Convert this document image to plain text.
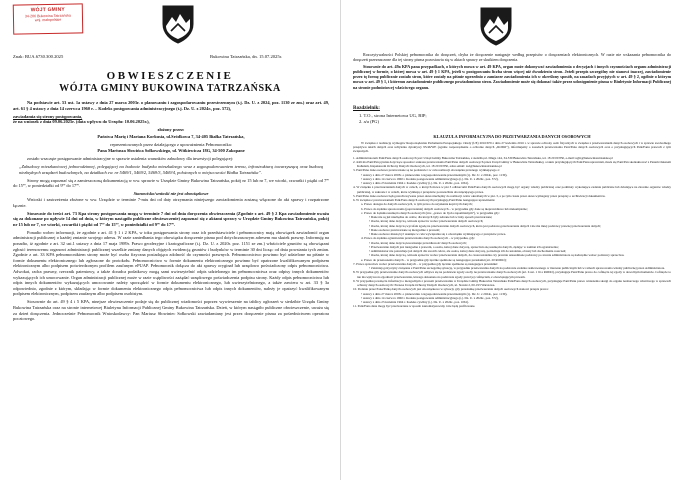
WÓJT GMINY
34-206 Bukowina Tatrzańska
woj. małopolskie
Znak: BUA.6730.300.2025	Bukowina Tatrzańska, dn. 15.07.2025r.
OBWIESZCZENIE
WÓJTA GMINY BUKOWINA TATRZAŃSKA

Na podstawie art. 53 ust. 1a ustawy z dnia 27 marca 2003r. o planowaniu i zagospodarowaniu przestrzennym (t.j. Dz. U. z 2024, poz. 1130 ze zm.) oraz art. 49, art. 61 § 4 ustawy z dnia 14 czerwca 1960 r. – Kodeks postępowania administracyjnego (t.j. Dz. U. z 2024r., poz. 572),

zawiadamia się strony postępowania,

że na wniosek z dnia 09.06.2025r. (data wpływu do Urzędu: 10.06.2025r.),

złożony przez:

Państwa Marię i Mariana Korkusia, ul.Sródkowa 7, 34-405 Białka Tatrzańska,

reprezentowanych przez działającego z upoważnienia Pełnomocnika:

Pana Mariusza Słowińca Sołkowskiego, ul. Witkiewicza 18G, 34-500 Zakopane

zostało wszczęte postępowanie administracyjne w sprawie ustalenia warunków zabudowy dla inwestycji polegającej:

„Zabudowy mieszkaniowej jednorodzinnej, polegającej na budowie budynku mieszkalnego wraz z zagospodarowaniem terenu, infrastrukturą towarzyszącą oraz budową niezbędnych urządzeń budowlanych, na działkach ew. nr 5469/1, 5469/2, 5469/3, 5469/4, położonych w miejscowości Białka Tatrzańska”.

Strony mogą zapoznać się z zamieszczoną dokumentacją w ww. sprawie w Urzędzie Gminy Bukowina Tatrzańska, pokój nr 15 lub nr 7, we wtorki, czwartki i piątki od 7ºº do 15ºº, w poniedziałki od 9ºº do 17ºº.

Stanowisko/wnioski nie jest obowiązkowe

Wnioski i zastrzeżenia złożone w ww. Urzędzie w terminie 7-miu dni od daty otrzymania niniejszego zawiadomienia zostaną włączone do akt sprawy i rozpatrzone łącznie.

Stosownie do treści art. 73 Kpa strony postępowania mogą w terminie 7 dni od dnia doręczenia obwieszczenia (Zgodnie z art. 49 § 2 Kpa zawiadomienie uważa się za dokonane po upływie 14 dni od dnia, w którym nastąpiło publiczne obwieszczenie) zapoznać się z aktami sprawy w Urzędzie Gminy Bukowina Tatrzańska, pokój nr 15 lub nr 7, we wtorki, czwartki i piątki od 7ºº do 15ºº, w poniedziałki od 9ºº do 17ºº.

Ponadto wobec informacji, że zgodnie z art. 41 § 1 i 2 KPA, w toku postępowania strony oraz ich przedstawiciele i pełnomocnicy mają obowiązek zawiadomić organ administracji publicznej o każdej zmianie swojego adresu. W razie zaniedbania tego obowiązku doręczenie pisma pod dotychczasowym adresem ma skutek prawny. Informuję na ponadto, iż zgodnie z art. 32 ust.1 ustawy z dnia 17 maja 1989r. Prawo geodezyjne i kartograficzne (t.j. Dz. U. z 2020r. poz. 1151 ze zm.) właściciele gruntów są obowiązani zgłosić terenowemu organowi administracji publicznej wszelkie zmiany danych objętych ewidencją gruntów i budynków w terminie 30 dni licząc od dnia powstania tych zmian. Zgodnie z art. 33 KPA pełnomocnikiem strony może być osoba fizyczna posiadająca zdolność do czynności prawnych. Pełnomocnictwo powinno być udzielone na piśmie w formie dokumentu elektronicznego lub zgłoszone do protokołu. Pełnomocnictwo w formie dokumentu elektronicznego powinno być opatrzone kwalifikowanym podpisem elektronicznym albo podpisem potwierdzonym profilem zaufanym ePUAP. Pełnomocnik dołącza do akt sprawy oryginał lub urzędowo poświadczony odpis pełnomocnictwa. Adwokat, radca prawny, rzecznik patentowy, a także doradca podatkowy mogą sami uwierzytelnić odpis udzielonego im pełnomocnictwa oraz odpisy innych dokumentów wykazujących ich umocowanie. Organ administracji publicznej może w razie wątpliwości zażądać urzędowego poświadczenia podpisu strony. Każdy odpis pełnomocnictwa lub odpis innych dokumentów wykazujących umocowanie należy sporządzić w formie dokumentu elektronicznego, lub uwierzytelnionego, a także zawiera w art. 33 § 3a odpowiednio, zgodnie z którym, składając w formie dokumentu elektronicznego odpis pełnomocnictwa lub odpis innych dokumentów, należy je opatrzyć kwalifikowanym podpisem elektronicznym, podpisem zaufanym albo podpisem osobistym.

Stosownie do art. 49 § 4 i 5 KPA, ninejsze obwieszczenie podaje się do publicznej wiadomości poprzez wywieszenie na tablicy ogłoszeń w siedzibie Urzędu Gminy Bukowina Tatrzańska oraz na stronie internetowej Biuletynu Informacji Publicznej Gminy Bukowina Tatrzańska. Dzień, w którym nastąpiło publiczne obwieszczenie, uważa się za dzień doręczenia. Jednocześnie Pełnomocnik Wnioskodawcy: Pan Mariusz Słowiniec Sołkowski zawiadamiany jest przez doręczenie pisma za pośrednictwem operatora pocztowego.

Rozczytywalności Polskiej pełnomocnika do doręczeń, chyba że doręczenie następuje według przepisów o doręczeniach elektronicznych. W razie nie wskazania pełnomocnika do doręczeń przeznaczone dla tej strony pisma pozostawia się w aktach sprawy ze skutkiem doręczenia.

Stosownie do art. 49a KPA pana przypadkach, o których mowa w art. 49 KPA, organ może dokonywać zawiadomienia o decyzjach i innych czynnościach organu administracji publicznej w formie, o której mowa w art. 49 § 1 KPA, jeżeli w postępowaniu liczba stron więcej niż dwudziestu stron. Jeżeli przepis szczególny nie stanowi inaczej, zawiadomienie przez tę formę publicznie zostało stron, które zostały na piśmie uprzednio z zamiarze zawiadomienia ich w określony sposób, na zasadach przyjętych w art. 49 § 2, ogólnie o którym mowa w art. 49 § 1, i któremu zawiadomienie publicznego powiadomiono stron. Zawiadomienie może się dokonać także przez udostępnienie pisma w Biuletynie Informacji Publicznej na stronie podmiotowej właściwego organu.

Rozdzielnik:

1. T.O., strona Internetowa UG, BIP;
2. a/a (PG)

KLAUZULA INFORMACYJNA DO PRZETWARZANIA DANYCH OSOBOWYCH

W związku z realizacją wymogów Rozporządzenia Parlamentu Europejskiego i Rady (UE) 2016/679 z dnia 27 kwietnia 2016 r. w sprawie ochrony osób fizycznych w związku z przetwarzaniem danych osobowych i w sprawie swobodnego przepływu takich danych oraz uchylenia dyrektywy 95/46/WE (ogólne rozporządzenie o ochronie danych „RODO”), informujemy o zasadach przetwarzania Pani/Pana danych osobowych oraz o przysługujących Pani/Panu prawach z tym związanych.

1. Administratorem Pani/Pana danych osobowych jest: Urząd Gminy Bukowina Tatrzańska, z siedzibą ul. Długa 144, 34-530 Bukowina Tatrzańska, tel. 18 20 00 850, e-mail: ugbt@bukowinatatrzanska.pl

2. Jeśli ma Pani/Pan pytania dotyczące sposobu i zakresu przetwarzania Pani/Pana danych osobowych przez Urząd Gminy w Bukowinie Tatrzańskiej, a także przysługujących Pani/Panu uprawnień, może się Pani/Pan skontaktować z Panem Oskarem Kahulem, Inspektorem Ochrony Danych Osobowych, tel. 18 20 00 850, adres email: iod@bukowinatatrzanska.pl

3. Pani/Pana dane osobowe przetwarzane są na podstawie i w celu realizacji obowiązku prawnego wynikającego z:

• ustawy z dnia 27 marca 2003r. o planowaniu i zagospodarowaniu przestrzennym (t.j. Dz. U. z 2024r., poz. 1130),

• ustawy z dnia 14 czerwca 1960 r. Kodeks postępowania administracyjnego (t.j. Dz. U. z 2024r., poz. 572),

• ustawy z dnia 23 kwietnia 1964 r. Kodeks cywilny (t.j. Dz. U. z 2024r., poz. 1061).

4. W związku z przetwarzaniem danych w celach, o których mowa w pkt 3 odbiorcami Pani/Pana danych osobowych mogą być organy władzy publicznej oraz podmioty wykonujące zadania publiczne lub działające na zlecenie organów władzy publicznej, w zakresie i w celach, które wynikają z przepisów powszechnie obowiązującego prawa.

5. Pani/Pana dane osobowe będą przechowywane przez okres niezbędny do realizacji celów określonych w pkt. 3, a po tym czasie przez okres wymagany przez przepisy o archiwizacji dokumentów.

6. W związku z przetwarzaniem Pani/Pana danych osobowych przysługują Pani/Panu następujące uprawnienia:

a. Prawo dostępu do danych osobowych, w tym prawo do uzyskania kopii tych danych;

b. Prawo do żądania sprostowania (poprawiania) danych osobowych – w przypadku gdy dane są nieprawidłowe lub niekompletne;

c. Prawo do żądania usunięcia danych osobowych (tzw. „prawo do bycia zapomnianym”), w przypadku gdy:

• Dane nie są już niezbędne do celów, dla których były zebrane lub w inny sposób przetwarzane;

• Osoba, której dane dotyczą, wniosła sprzeciw wobec przetwarzania danych osobowych;

• Osoba, której dane dotyczą wycofała zgodę na przetwarzanie danych osobowych, która jest podstawą przetwarzania danych i nie ma innej podstawy prawnej przetwarzania danych;

• Dane osobowe przetwarzane są niezgodnie z prawem;

• Dane osobowe muszą być usunięte w celu wywiązania się z obowiązku wynikającego z przepisów prawa.

d. Prawo do żądania ograniczenia przetwarzania danych osobowych – w przypadku, gdy:

• Osoba, której dane dotyczą kwestionuje prawidłowość danych osobowych;

• Przetwarzanie danych jest niezgodne z prawem, a osoba, której dane dotyczą, sprzeciwia się usunięciu danych, żądając w zamian ich ograniczenia;

• Administrator nie potrzebuje już danych dla swoich celów, ale osoba, której dane dotyczą, potrzebuje ich do ustalenia, obrony lub dochodzenia roszczeń;

• Osoba, której dane dotyczą, wniosła sprzeciw wobec przetwarzania danych, do czasu ustalenia czy prawnie uzasadnione podstawy po stronie administratora są nadrzędne wobec podstawy sprzeciwu.

e. Prawo do przenoszenia danych – w przypadku gdy łącznie spełnione są następujące przesłanki (art. 20 RODO);

7. Prawo sprzeciwu wobec przetwarzania danych – w przypadku gdy łącznie spełnione są następujące przesłanki:

• Zaistnieją przyczyny związane z Pani/Pana szczególną sytuacją, w przypadku przetwarzania danych na podstawie zadania realizowanego w interesie publicznym lub w ramach sprawowania władzy publicznej przez Administratora.

8. W przypadku gdy przetwarzanie danych osobowych odbywa się na podstawie zgody osoby na przetwarzanie danych osobowych (art. 6 ust. 1 lit a RODO), przysługuje Pani/Panu prawo do cofnięcia tej zgody w dowolnym momencie. Cofnięcie to nie ma wpływu na zgodność przetwarzania, którego dokonano na podstawie zgody przed jej cofnięciem, z obowiązującym prawem.

9. W przypadku powzięcia informacji o niezgodnym z prawem przetwarzaniu w Urzędzie Gminy Bukowina Tatrzańska Pani/Pana danych osobowych, przysługuje Pani/Panu prawo wniesienia skargi do organu nadzorczego właściwego w sprawach ochrony danych osobowych: Prezesa Urzędu Ochrony Danych Osobowych, ul. Stawki 2, 00-193 Warszawa.

10. Podanie przez Pana/Panią danych osobowych jest obowiązkowe w sytuacji, gdy przesłankę przetwarzania danych osobowych stanowi przepis prawa:

• ustawy z dnia 27 marca 2003r. o planowaniu i zagospodarowaniu przestrzennym (t.j. Dz. U. z 2024r., poz. 1130),

• ustawy z dnia 14 czerwca 1960 r. Kodeks postępowania administracyjnego (t.j. Dz. U. z 2024r., poz. 572),

• ustawy z dnia 23 kwietnia 1964 r. Kodeks cywilny (t.j. Dz. U. z 2024r., poz. 1061).

11. Pani/Pana dane mogą być przetwarzane w sposób zautomatyzowany i nie będą profilowane.
